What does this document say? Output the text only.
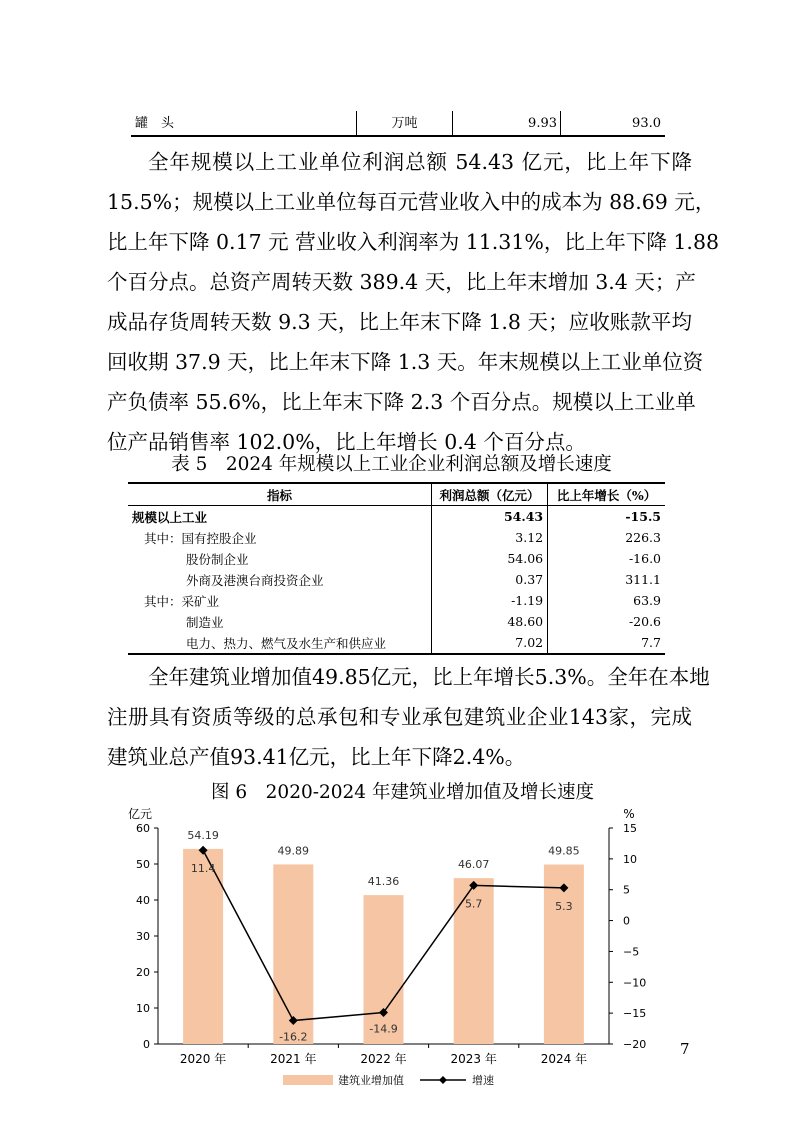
罐　头	万吨	9.93	93.0
全年规模以上工业单位利润总额 54.43 亿元，比上年下降
15.5%；规模以上工业单位每百元营业收入中的成本为 88.69 元，
比上年下降 0.17 元 营业收入利润率为 11.31%，比上年下降 1.88
个百分点。总资产周转天数 389.4 天，比上年末增加 3.4 天；产
成品存货周转天数 9.3 天，比上年末下降 1.8 天；应收账款平均
回收期 37.9 天，比上年末下降 1.3 天。年末规模以上工业单位资
产负债率 55.6%，比上年末下降 2.3 个百分点。规模以上工业单
位产品销售率 102.0%，比上年增长 0.4 个百分点。
表 5　2024 年规模以上工业企业利润总额及增长速度
指标	利润总额（亿元）	比上年增长（%）
规模以上工业	54.43	-15.5
其中：国有控股企业	3.12	226.3
股份制企业	54.06	-16.0
外商及港澳台商投资企业	0.37	311.1
其中：采矿业	-1.19	63.9
制造业	48.60	-20.6
电力、热力、燃气及水生产和供应业	7.02	7.7
全年建筑业增加值49.85亿元，比上年增长5.3%。全年在本地
注册具有资质等级的总承包和专业承包建筑业企业143家，完成
建筑业总产值93.41亿元，比上年下降2.4%。
图 6　2020-2024 年建筑业增加值及增长速度
0
10
20
30
40
50
60
−20
−15
−10
−5
0
5
10
15
亿元	%
2020 年	2021 年	2022 年	2023 年	2024 年
54.19
49.89
41.36
46.07
49.85
11.4
-16.2
-14.9
5.7	5.3
建筑业增加值	增速
7
